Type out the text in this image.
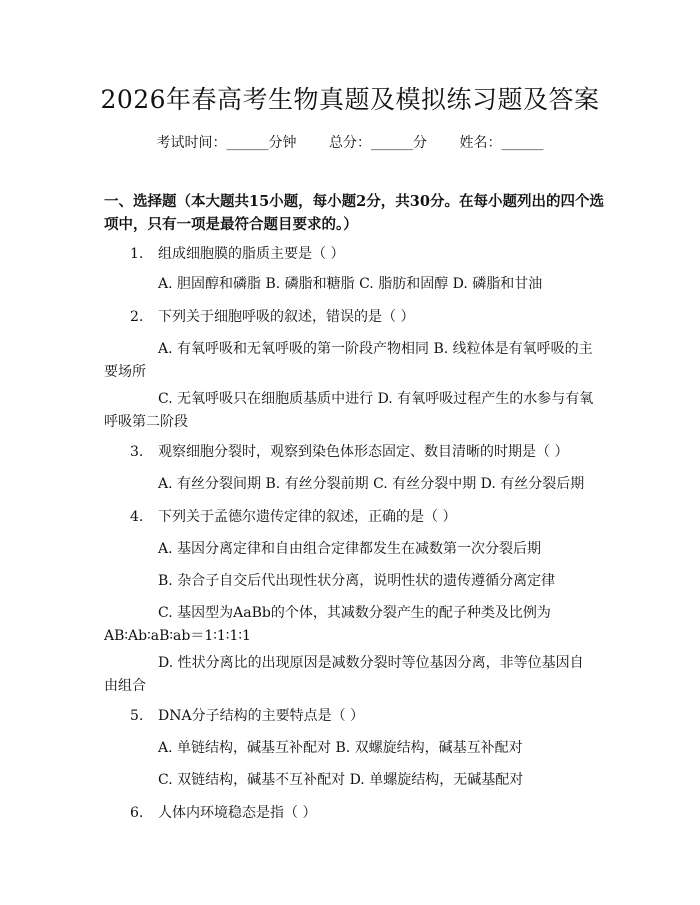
2026年春高考生物真题及模拟练习题及答案
考试时间：______分钟 总分：______分 姓名：______
一、选择题（本大题共15小题，每小题2分，共30分。在每小题列出的四个选项中，只有一项是最符合题目要求的。）
1. 组成细胞膜的脂质主要是（ ）
A. 胆固醇和磷脂 B. 磷脂和糖脂 C. 脂肪和固醇 D. 磷脂和甘油
2. 下列关于细胞呼吸的叙述，错误的是（ ）
A. 有氧呼吸和无氧呼吸的第一阶段产物相同 B. 线粒体是有氧呼吸的主要场所
C. 无氧呼吸只在细胞质基质中进行 D. 有氧呼吸过程产生的水参与有氧呼吸第二阶段
3. 观察细胞分裂时，观察到染色体形态固定、数目清晰的时期是（ ）
A. 有丝分裂间期 B. 有丝分裂前期 C. 有丝分裂中期 D. 有丝分裂后期
4. 下列关于孟德尔遗传定律的叙述，正确的是（ ）
A. 基因分离定律和自由组合定律都发生在减数第一次分裂后期
B. 杂合子自交后代出现性状分离，说明性状的遗传遵循分离定律
C. 基因型为AaBb的个体，其减数分裂产生的配子种类及比例为AB∶Ab∶aB∶ab＝1∶1∶1∶1
D. 性状分离比的出现原因是减数分裂时等位基因分离，非等位基因自由组合
5. DNA分子结构的主要特点是（ ）
A. 单链结构，碱基互补配对 B. 双螺旋结构，碱基互补配对
C. 双链结构，碱基不互补配对 D. 单螺旋结构，无碱基配对
6. 人体内环境稳态是指（ ）
